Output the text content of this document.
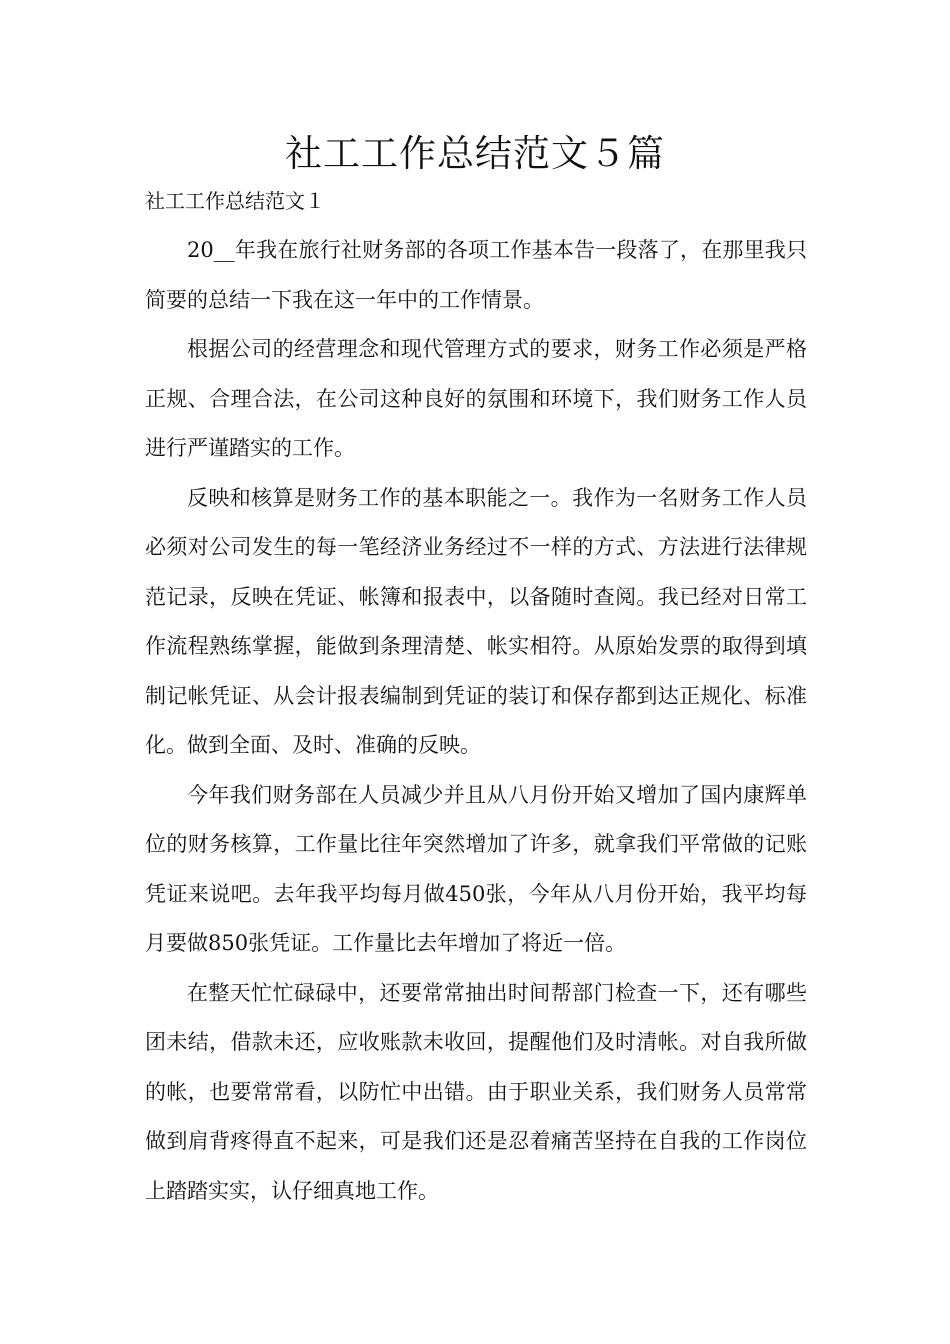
社工工作总结范文５篇
社工工作总结范文１

20__年我在旅行社财务部的各项工作基本告一段落了，在那里我只简要的总结一下我在这一年中的工作情景。

根据公司的经营理念和现代管理方式的要求，财务工作必须是严格正规、合理合法，在公司这种良好的氛围和环境下，我们财务工作人员进行严谨踏实的工作。

反映和核算是财务工作的基本职能之一。我作为一名财务工作人员必须对公司发生的每一笔经济业务经过不一样的方式、方法进行法律规范记录，反映在凭证、帐簿和报表中，以备随时查阅。我已经对日常工作流程熟练掌握，能做到条理清楚、帐实相符。从原始发票的取得到填制记帐凭证、从会计报表编制到凭证的装订和保存都到达正规化、标准化。做到全面、及时、准确的反映。

今年我们财务部在人员减少并且从八月份开始又增加了国内康辉单位的财务核算，工作量比往年突然增加了许多，就拿我们平常做的记账凭证来说吧。去年我平均每月做450张，今年从八月份开始，我平均每月要做850张凭证。工作量比去年增加了将近一倍。

在整天忙忙碌碌中，还要常常抽出时间帮部门检查一下，还有哪些团未结，借款未还，应收账款未收回，提醒他们及时清帐。对自我所做的帐，也要常常看，以防忙中出错。由于职业关系，我们财务人员常常做到肩背疼得直不起来，可是我们还是忍着痛苦坚持在自我的工作岗位上踏踏实实，认仔细真地工作。
